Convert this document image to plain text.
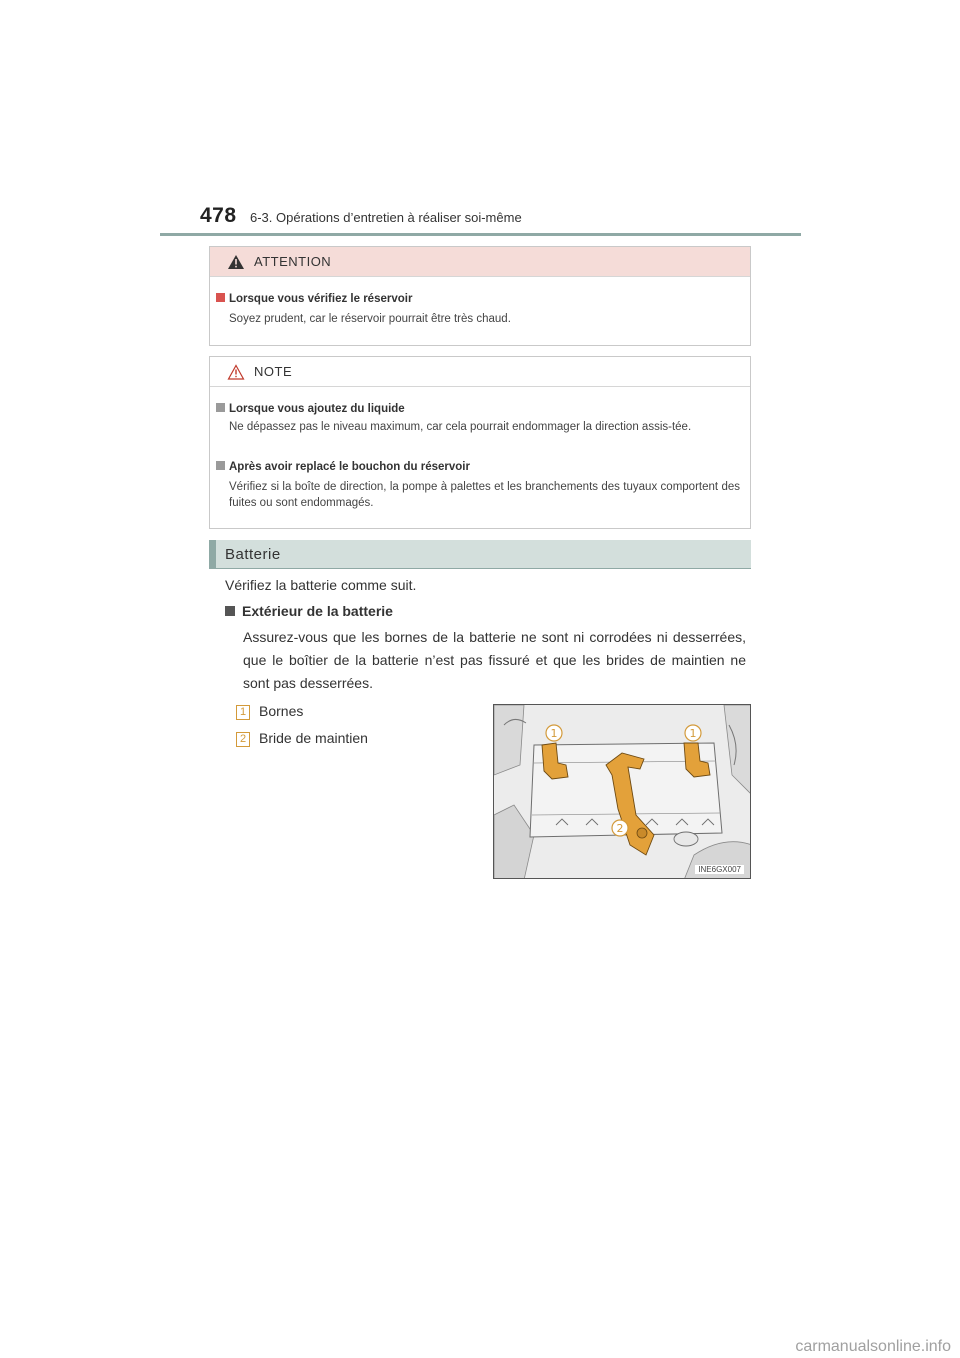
478 6-3. Opérations d’entretien à réaliser soi-même
ATTENTION
Lorsque vous vérifiez le réservoir
Soyez prudent, car le réservoir pourrait être très chaud.
NOTE
Lorsque vous ajoutez du liquide
Ne dépassez pas le niveau maximum, car cela pourrait endommager la direction assis-tée.
Après avoir replacé le bouchon du réservoir
Vérifiez si la boîte de direction, la pompe à palettes et les branchements des tuyaux comportent des fuites ou sont endommagés.
Batterie
Vérifiez la batterie comme suit.
Extérieur de la batterie
Assurez-vous que les bornes de la batterie ne sont ni corrodées ni desserrées, que le boîtier de la batterie n’est pas fissuré et que les brides de maintien ne sont pas desserrées.
1 Bornes
2 Bride de maintien	1	1
2
INE6GX007
carmanualsonline.info
